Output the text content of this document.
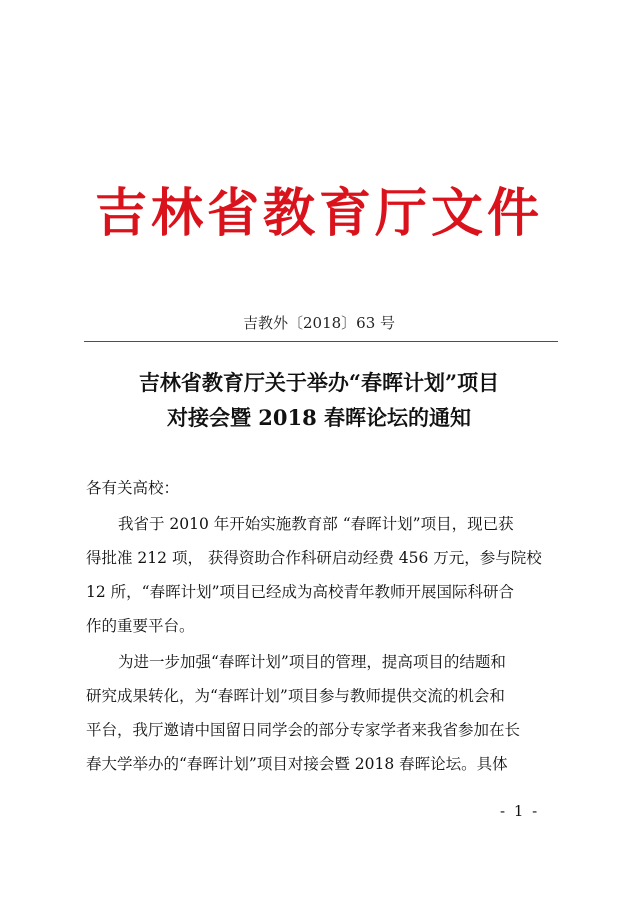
吉林省教育厅文件
吉教外〔2018〕63 号
吉林省教育厅关于举办“春晖计划”项目
对接会暨 2018 春晖论坛的通知
各有关高校：
我省于 2010 年开始实施教育部 “春晖计划”项目，现已获
得批准 212 项， 获得资助合作科研启动经费 456 万元，参与院校
12 所，“春晖计划”项目已经成为高校青年教师开展国际科研合
作的重要平台。
为进一步加强“春晖计划”项目的管理，提高项目的结题和
研究成果转化，为“春晖计划”项目参与教师提供交流的机会和
平台，我厅邀请中国留日同学会的部分专家学者来我省参加在长
春大学举办的“春晖计划”项目对接会暨 2018 春晖论坛。具体
- 1 -
